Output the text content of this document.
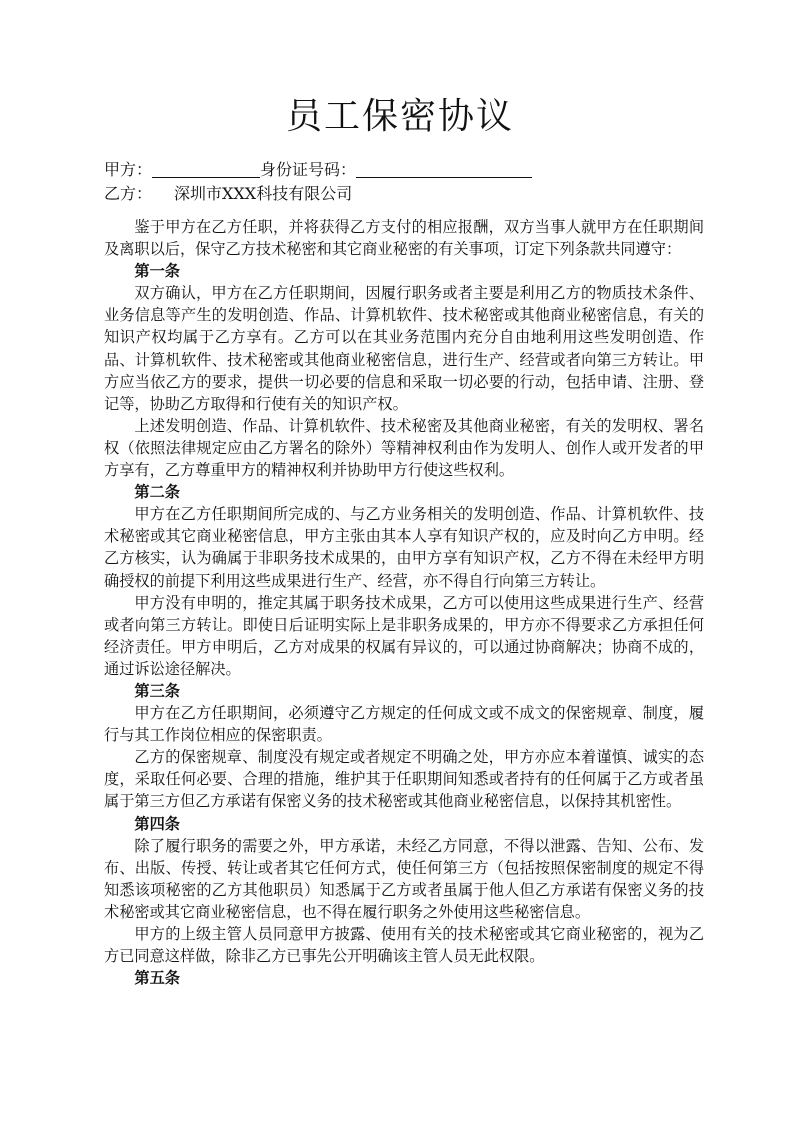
员工保密协议
甲方：	身份证号码：
乙方： 深圳市XXX科技有限公司

鉴于甲方在乙方任职，并将获得乙方支付的相应报酬，双方当事人就甲方在任职期间及离职以后，保守乙方技术秘密和其它商业秘密的有关事项，订定下列条款共同遵守：

第一条

双方确认，甲方在乙方任职期间，因履行职务或者主要是利用乙方的物质技术条件、业务信息等产生的发明创造、作品、计算机软件、技术秘密或其他商业秘密信息，有关的知识产权均属于乙方享有。乙方可以在其业务范围内充分自由地利用这些发明创造、作品、计算机软件、技术秘密或其他商业秘密信息，进行生产、经营或者向第三方转让。甲方应当依乙方的要求，提供一切必要的信息和采取一切必要的行动，包括申请、注册、登记等，协助乙方取得和行使有关的知识产权。

上述发明创造、作品、计算机软件、技术秘密及其他商业秘密，有关的发明权、署名权（依照法律规定应由乙方署名的除外）等精神权利由作为发明人、创作人或开发者的甲方享有，乙方尊重甲方的精神权利并协助甲方行使这些权利。

第二条

甲方在乙方任职期间所完成的、与乙方业务相关的发明创造、作品、计算机软件、技术秘密或其它商业秘密信息，甲方主张由其本人享有知识产权的，应及时向乙方申明。经乙方核实，认为确属于非职务技术成果的，由甲方享有知识产权，乙方不得在未经甲方明确授权的前提下利用这些成果进行生产、经营，亦不得自行向第三方转让。

甲方没有申明的，推定其属于职务技术成果，乙方可以使用这些成果进行生产、经营或者向第三方转让。即使日后证明实际上是非职务成果的，甲方亦不得要求乙方承担任何经济责任。甲方申明后，乙方对成果的权属有异议的，可以通过协商解决；协商不成的，通过诉讼途径解决。

第三条

甲方在乙方任职期间，必须遵守乙方规定的任何成文或不成文的保密规章、制度，履行与其工作岗位相应的保密职责。

乙方的保密规章、制度没有规定或者规定不明确之处，甲方亦应本着谨慎、诚实的态度，采取任何必要、合理的措施，维护其于任职期间知悉或者持有的任何属于乙方或者虽属于第三方但乙方承诺有保密义务的技术秘密或其他商业秘密信息，以保持其机密性。

第四条

除了履行职务的需要之外，甲方承诺，未经乙方同意，不得以泄露、告知、公布、发布、出版、传授、转让或者其它任何方式，使任何第三方（包括按照保密制度的规定不得知悉该项秘密的乙方其他职员）知悉属于乙方或者虽属于他人但乙方承诺有保密义务的技术秘密或其它商业秘密信息，也不得在履行职务之外使用这些秘密信息。

甲方的上级主管人员同意甲方披露、使用有关的技术秘密或其它商业秘密的，视为乙方已同意这样做，除非乙方已事先公开明确该主管人员无此权限。

第五条
